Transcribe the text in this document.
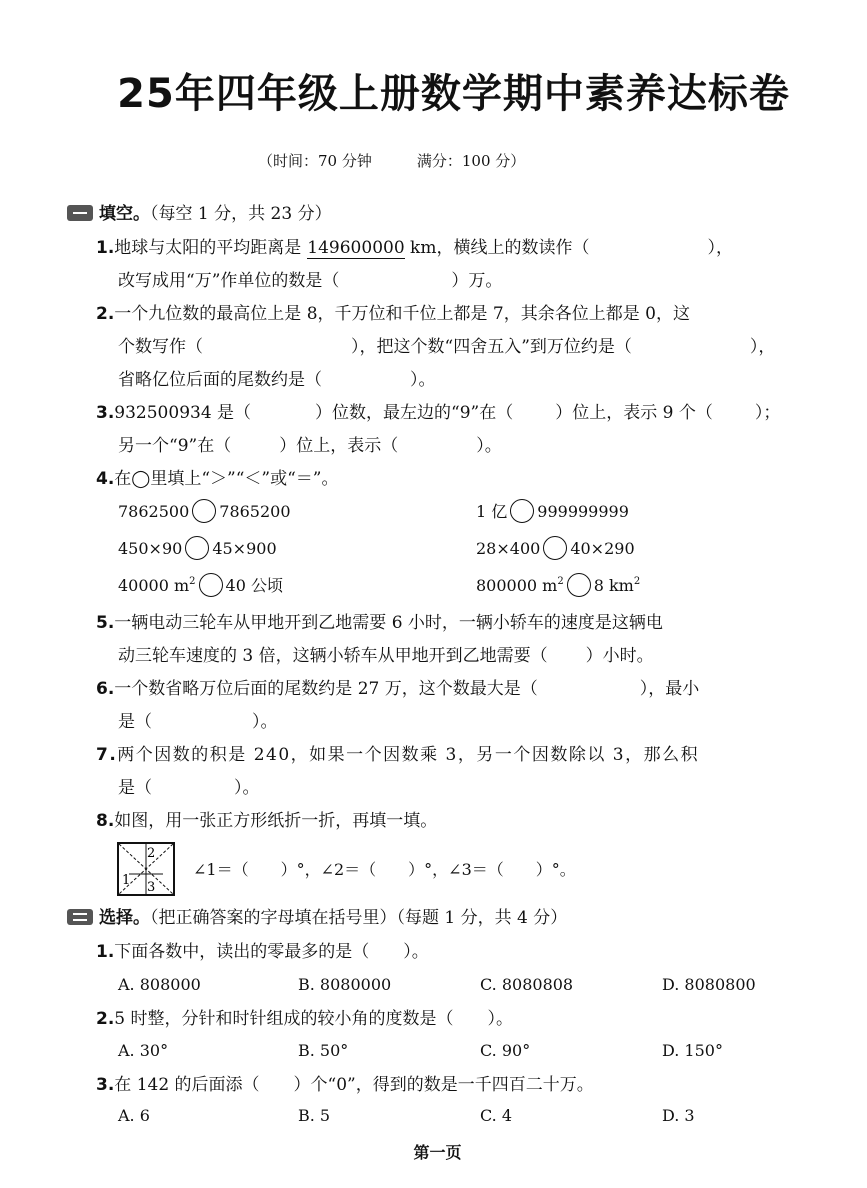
25年四年级上册数学期中素养达标卷
（时间：70 分钟　　　	满分：100 分）
填空。（每空 1 分，共 23 分）
1.地球与太阳的平均距离是 149600000 km，横线上的数读作（	），
改写成用“万”作单位的数是（	）万。
2.一个九位数的最高位上是 8，千万位和千位上都是 7，其余各位上都是 0，这
个数写作（	），把这个数“四舍五入”到万位约是（	），
省略亿位后面的尾数约是（	）。
3.932500934 是（	）位数，最左边的“9”在（ ）位上，表示 9 个（ ）；
另一个“9”在（	）位上，表示（	）。
4.在◯里填上“＞”“＜”或“＝”。
7862500 7865200	1 亿 999999999
450×90 45×900	28×400 40×290
40000 $m^2$ 40 公顷	800000 $m^2$ 8 $km^2$
5.一辆电动三轮车从甲地开到乙地需要 6 小时，一辆小轿车的速度是这辆电
动三轮车速度的 3 倍，这辆小轿车从甲地开到乙地需要（ ）小时。
6.一个数省略万位后面的尾数约是 27 万，这个数最大是（	），最小
是（	）。
7.两个因数的积是 240，如果一个因数乘 3，另一个因数除以 3，那么积
是（	）。
8.如图，用一张正方形纸折一折，再填一填。
2
1 3
∠1＝（　　）°，∠2＝（　　）°，∠3＝（　　）°。
选择。（把正确答案的字母填在括号里）（每题 1 分，共 4 分）
1.下面各数中，读出的零最多的是（　　）。
A. 808000	B. 8080000	C. 8080808	D. 8080800
2.5 时整，分针和时针组成的较小角的度数是（　　）。
A. 30°	B. 50°	C. 90°	D. 150°
3.在 142 的后面添（　　）个“0”，得到的数是一千四百二十万。
A. 6	B. 5	C. 4	D. 3
第一页
